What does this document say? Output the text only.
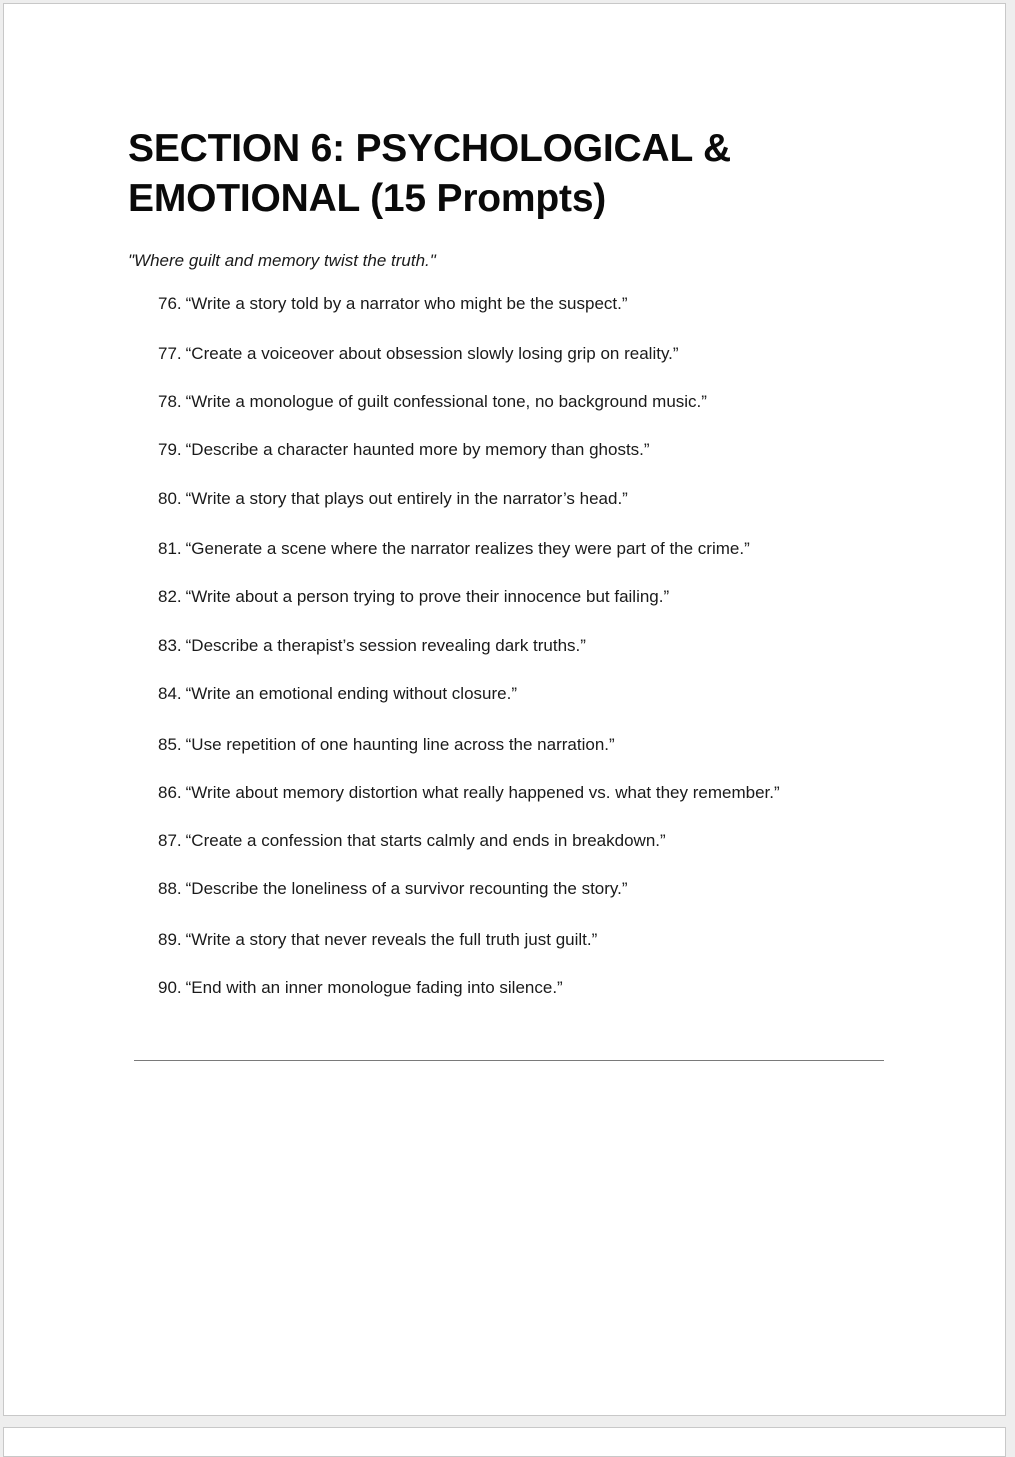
SECTION 6: PSYCHOLOGICAL &
EMOTIONAL (15 Prompts)

"Where guilt and memory twist the truth."

76. “Write a story told by a narrator who might be the suspect.”
77. “Create a voiceover about obsession slowly losing grip on reality.”
78. “Write a monologue of guilt confessional tone, no background music.”
79. “Describe a character haunted more by memory than ghosts.”
80. “Write a story that plays out entirely in the narrator’s head.”
81. “Generate a scene where the narrator realizes they were part of the crime.”
82. “Write about a person trying to prove their innocence but failing.”
83. “Describe a therapist’s session revealing dark truths.”
84. “Write an emotional ending without closure.”
85. “Use repetition of one haunting line across the narration.”
86. “Write about memory distortion what really happened vs. what they remember.”
87. “Create a confession that starts calmly and ends in breakdown.”
88. “Describe the loneliness of a survivor recounting the story.”
89. “Write a story that never reveals the full truth just guilt.”
90. “End with an inner monologue fading into silence.”
